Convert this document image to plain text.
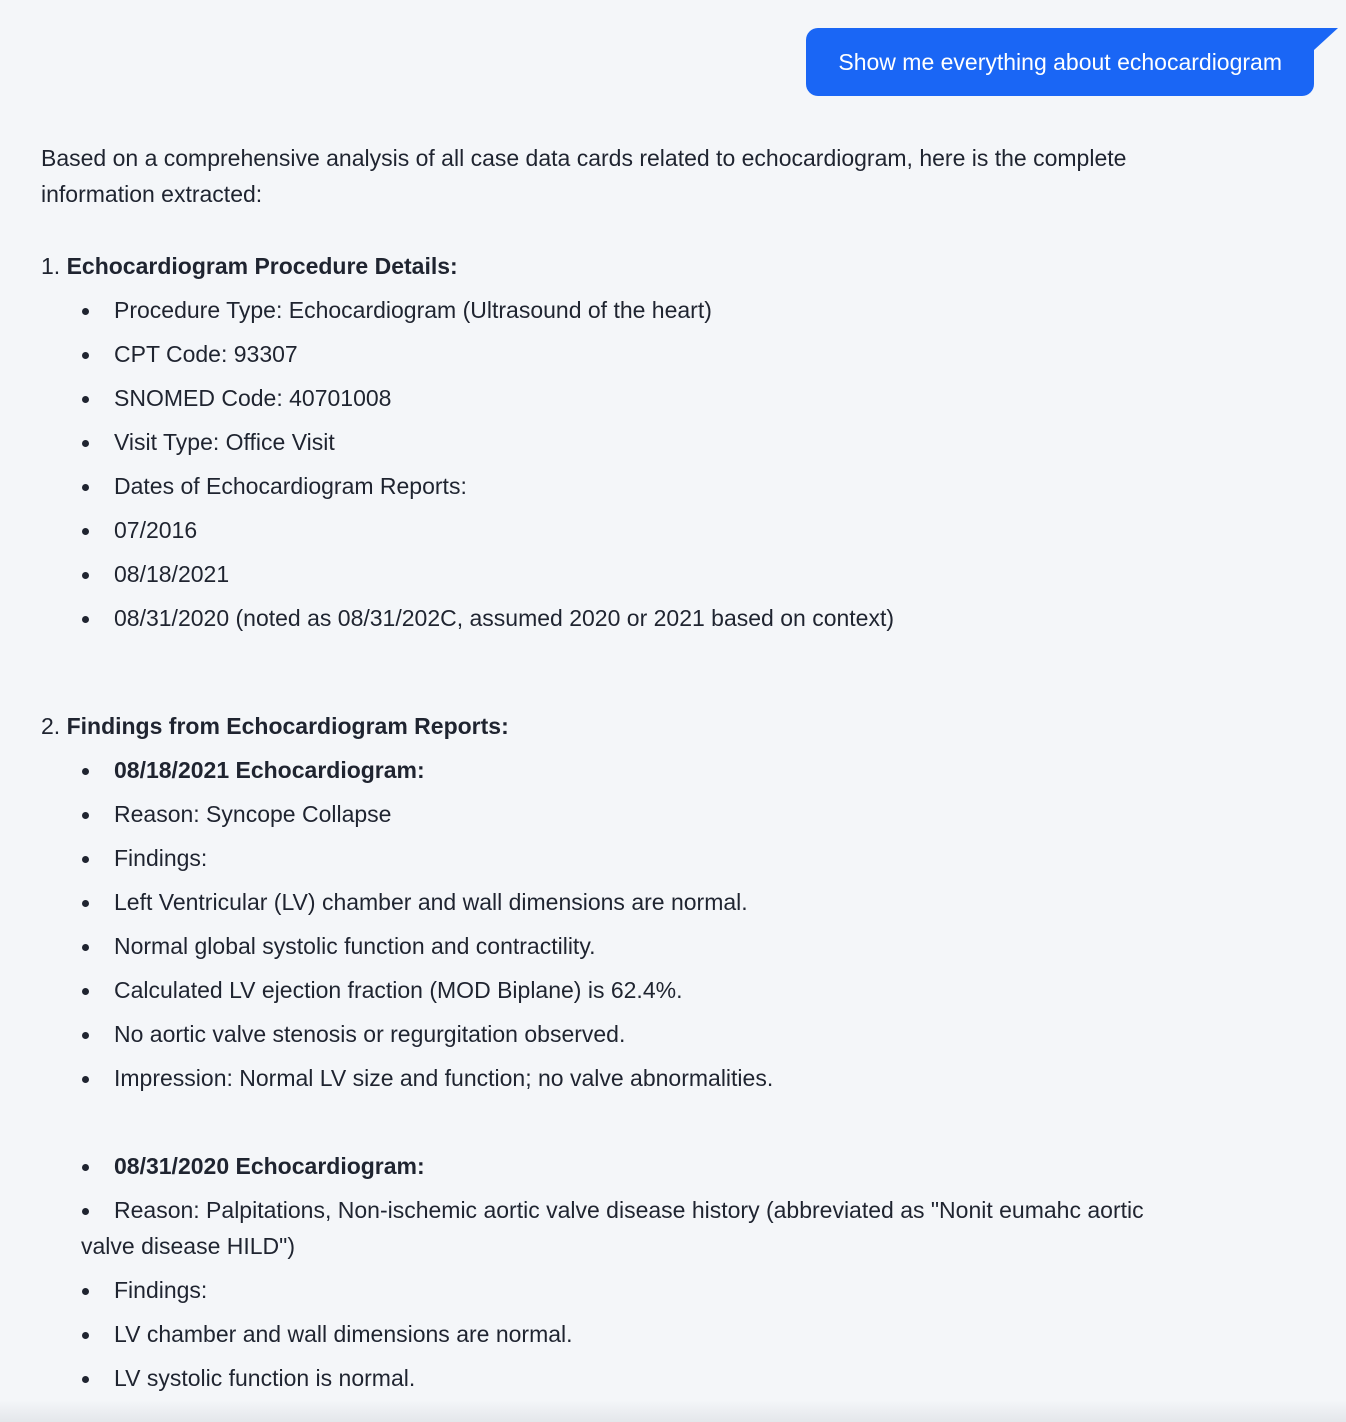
Show me everything about echocardiogram

Based on a comprehensive analysis of all case data cards related to echocardiogram, here is the complete information extracted:

1. Echocardiogram Procedure Details:
Procedure Type: Echocardiogram (Ultrasound of the heart)
CPT Code: 93307
SNOMED Code: 40701008
Visit Type: Office Visit
Dates of Echocardiogram Reports:
07/2016
08/18/2021
08/31/2020 (noted as 08/31/202C, assumed 2020 or 2021 based on context)
2. Findings from Echocardiogram Reports:
08/18/2021 Echocardiogram:
Reason: Syncope Collapse
Findings:
Left Ventricular (LV) chamber and wall dimensions are normal.
Normal global systolic function and contractility.
Calculated LV ejection fraction (MOD Biplane) is 62.4%.
No aortic valve stenosis or regurgitation observed.
Impression: Normal LV size and function; no valve abnormalities.
08/31/2020 Echocardiogram:
Reason: Palpitations, Non-ischemic aortic valve disease history (abbreviated as "Nonit eumahc aortic valve disease HILD")
Findings:
LV chamber and wall dimensions are normal.
LV systolic function is normal.
